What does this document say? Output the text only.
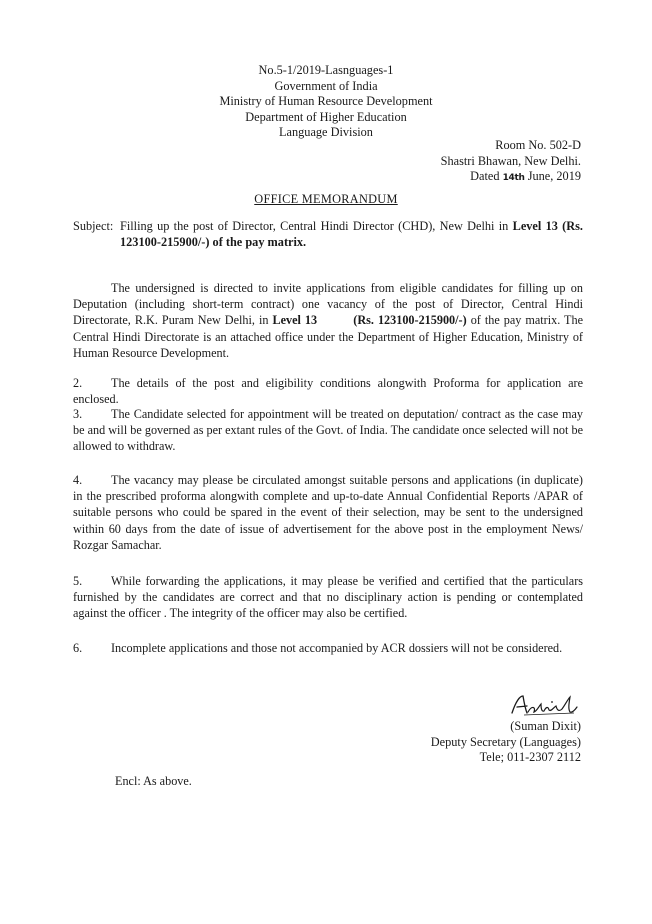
No.5-1/2019-Lasnguages-1
Government of India
Ministry of Human Resource Development
Department of Higher Education
Language Division
Room No. 502-D
Shastri Bhawan, New Delhi.
Dated 14th June, 2019
OFFICE MEMORANDUM
Subject: Filling up the post of Director, Central Hindi Director (CHD), New Delhi in Level 13 (Rs. 123100-215900/-) of the pay matrix.
The undersigned is directed to invite applications from eligible candidates for filling up on Deputation (including short-term contract) one vacancy of the post of Director, Central Hindi Directorate, R.K. Puram New Delhi, in Level 13	(Rs. 123100-215900/-) of the pay matrix. The Central Hindi Directorate is an attached office under the Department of Higher Education, Ministry of Human Resource Development.
2. The details of the post and eligibility conditions alongwith Proforma for application are enclosed.
3. The Candidate selected for appointment will be treated on deputation/ contract as the case may be and will be governed as per extant rules of the Govt. of India. The candidate once selected will not be allowed to withdraw.
4. The vacancy may please be circulated amongst suitable persons and applications (in duplicate) in the prescribed proforma alongwith complete and up-to-date Annual Confidential Reports /APAR of suitable persons who could be spared in the event of their selection, may be sent to the undersigned within 60 days from the date of issue of advertisement for the above post in the employment News/ Rozgar Samachar.
5. While forwarding the applications, it may please be verified and certified that the particulars furnished by the candidates are correct and that no disciplinary action is pending or contemplated against the officer . The integrity of the officer may also be certified.
6. Incomplete applications and those not accompanied by ACR dossiers will not be considered.
(Suman Dixit)
Deputy Secretary (Languages)
Tele; 011-2307 2112
Encl: As above.
